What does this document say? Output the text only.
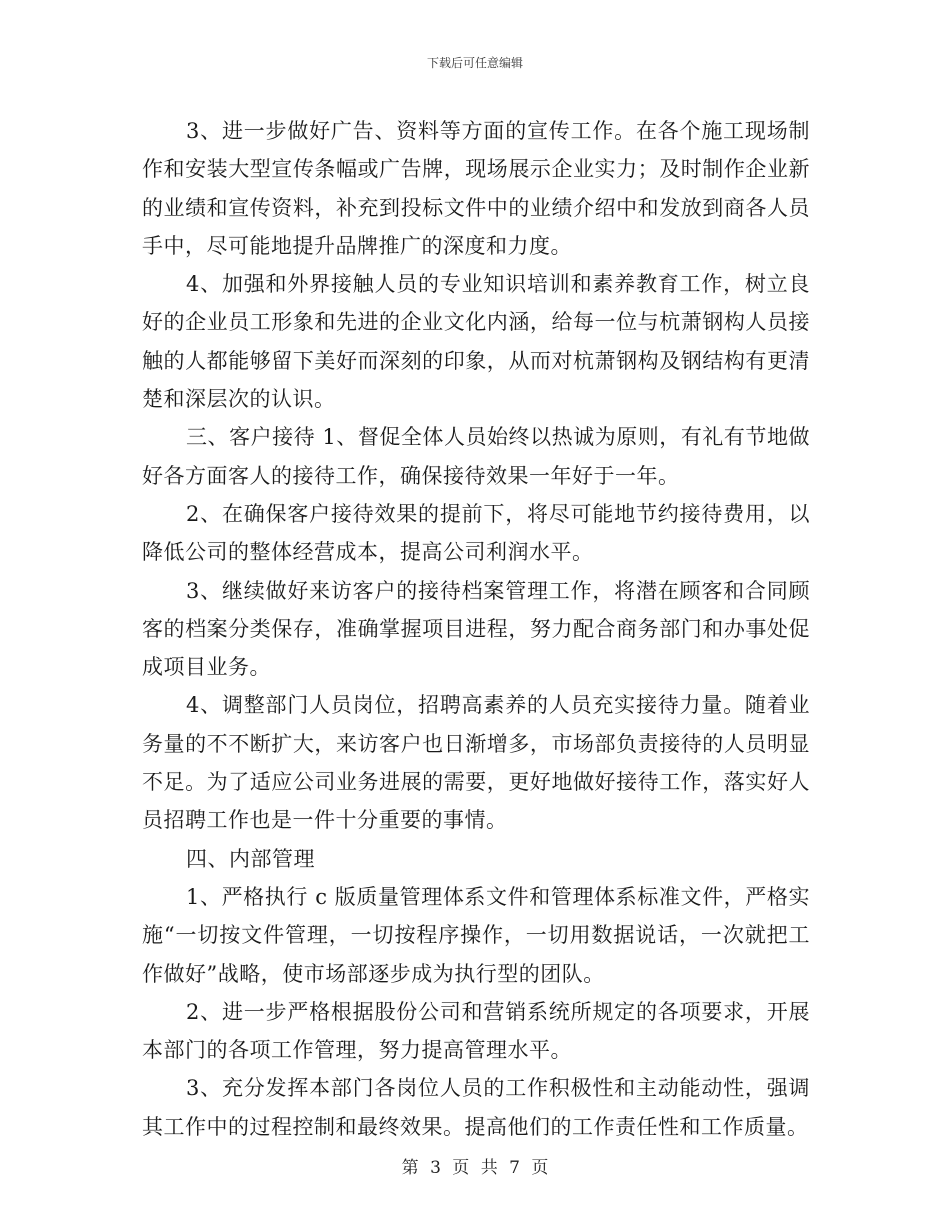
下载后可任意编辑

3、进一步做好广告、资料等方面的宣传工作。在各个施工现场制作和安装大型宣传条幅或广告牌，现场展示企业实力；及时制作企业新的业绩和宣传资料，补充到投标文件中的业绩介绍中和发放到商各人员手中，尽可能地提升品牌推广的深度和力度。

4、加强和外界接触人员的专业知识培训和素养教育工作，树立良好的企业员工形象和先进的企业文化内涵，给每一位与杭萧钢构人员接触的人都能够留下美好而深刻的印象，从而对杭萧钢构及钢结构有更清楚和深层次的认识。

三、客户接待 1、督促全体人员始终以热诚为原则，有礼有节地做好各方面客人的接待工作，确保接待效果一年好于一年。

2、在确保客户接待效果的提前下，将尽可能地节约接待费用，以降低公司的整体经营成本，提高公司利润水平。

3、继续做好来访客户的接待档案管理工作，将潜在顾客和合同顾客的档案分类保存，准确掌握项目进程，努力配合商务部门和办事处促成项目业务。

4、调整部门人员岗位，招聘高素养的人员充实接待力量。随着业务量的不不断扩大，来访客户也日渐增多，市场部负责接待的人员明显不足。为了适应公司业务进展的需要，更好地做好接待工作，落实好人员招聘工作也是一件十分重要的事情。

四、内部管理

1、严格执行 c 版质量管理体系文件和管理体系标准文件，严格实施“一切按文件管理，一切按程序操作，一切用数据说话，一次就把工作做好”战略，使市场部逐步成为执行型的团队。

2、进一步严格根据股份公司和营销系统所规定的各项要求，开展本部门的各项工作管理，努力提高管理水平。

3、充分发挥本部门各岗位人员的工作积极性和主动能动性，强调其工作中的过程控制和最终效果。提高他们的工作责任性和工作质量。

第 3 页 共 7 页
